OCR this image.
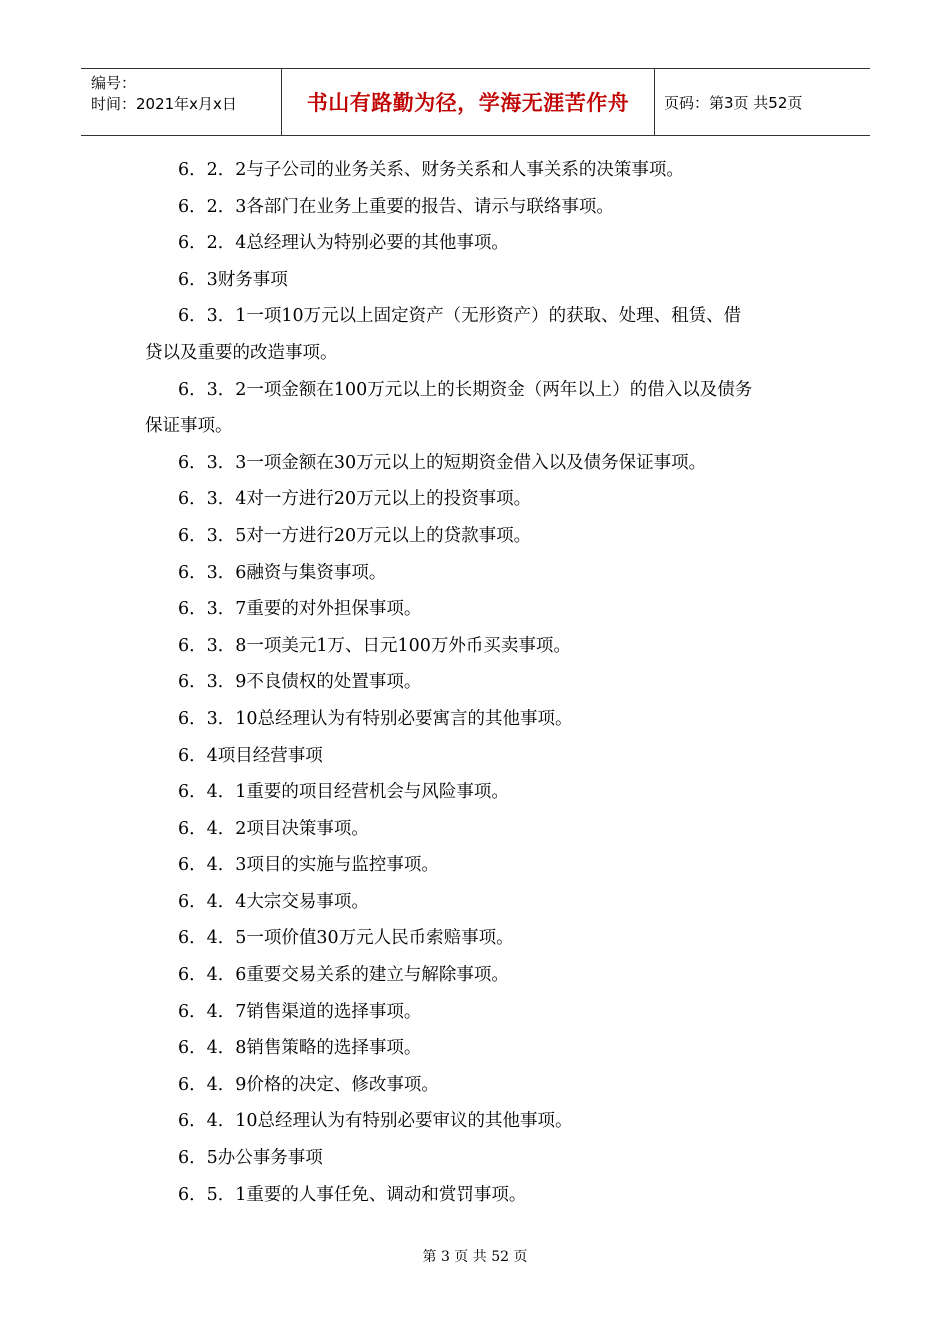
编号：
时间：2021年x月x日	书山有路勤为径，学海无涯苦作舟 页码：第3页 共52页

6．2．2与子公司的业务关系、财务关系和人事关系的决策事项。

6．2．3各部门在业务上重要的报告、请示与联络事项。

6．2．4总经理认为特别必要的其他事项。

6．3财务事项

6．3．1一项10万元以上固定资产（无形资产）的获取、处理、租赁、借

贷以及重要的改造事项。

6．3．2一项金额在100万元以上的长期资金（两年以上）的借入以及债务

保证事项。

6．3．3一项金额在30万元以上的短期资金借入以及债务保证事项。

6．3．4对一方进行20万元以上的投资事项。

6．3．5对一方进行20万元以上的贷款事项。

6．3．6融资与集资事项。

6．3．7重要的对外担保事项。

6．3．8一项美元1万、日元100万外币买卖事项。

6．3．9不良债权的处置事项。

6．3．10总经理认为有特别必要寓言的其他事项。

6．4项目经营事项

6．4．1重要的项目经营机会与风险事项。

6．4．2项目决策事项。

6．4．3项目的实施与监控事项。

6．4．4大宗交易事项。

6．4．5一项价值30万元人民币索赔事项。

6．4．6重要交易关系的建立与解除事项。

6．4．7销售渠道的选择事项。

6．4．8销售策略的选择事项。

6．4．9价格的决定、修改事项。

6．4．10总经理认为有特别必要审议的其他事项。

6．5办公事务事项

6．5．1重要的人事任免、调动和赏罚事项。

第 3 页 共 52 页
